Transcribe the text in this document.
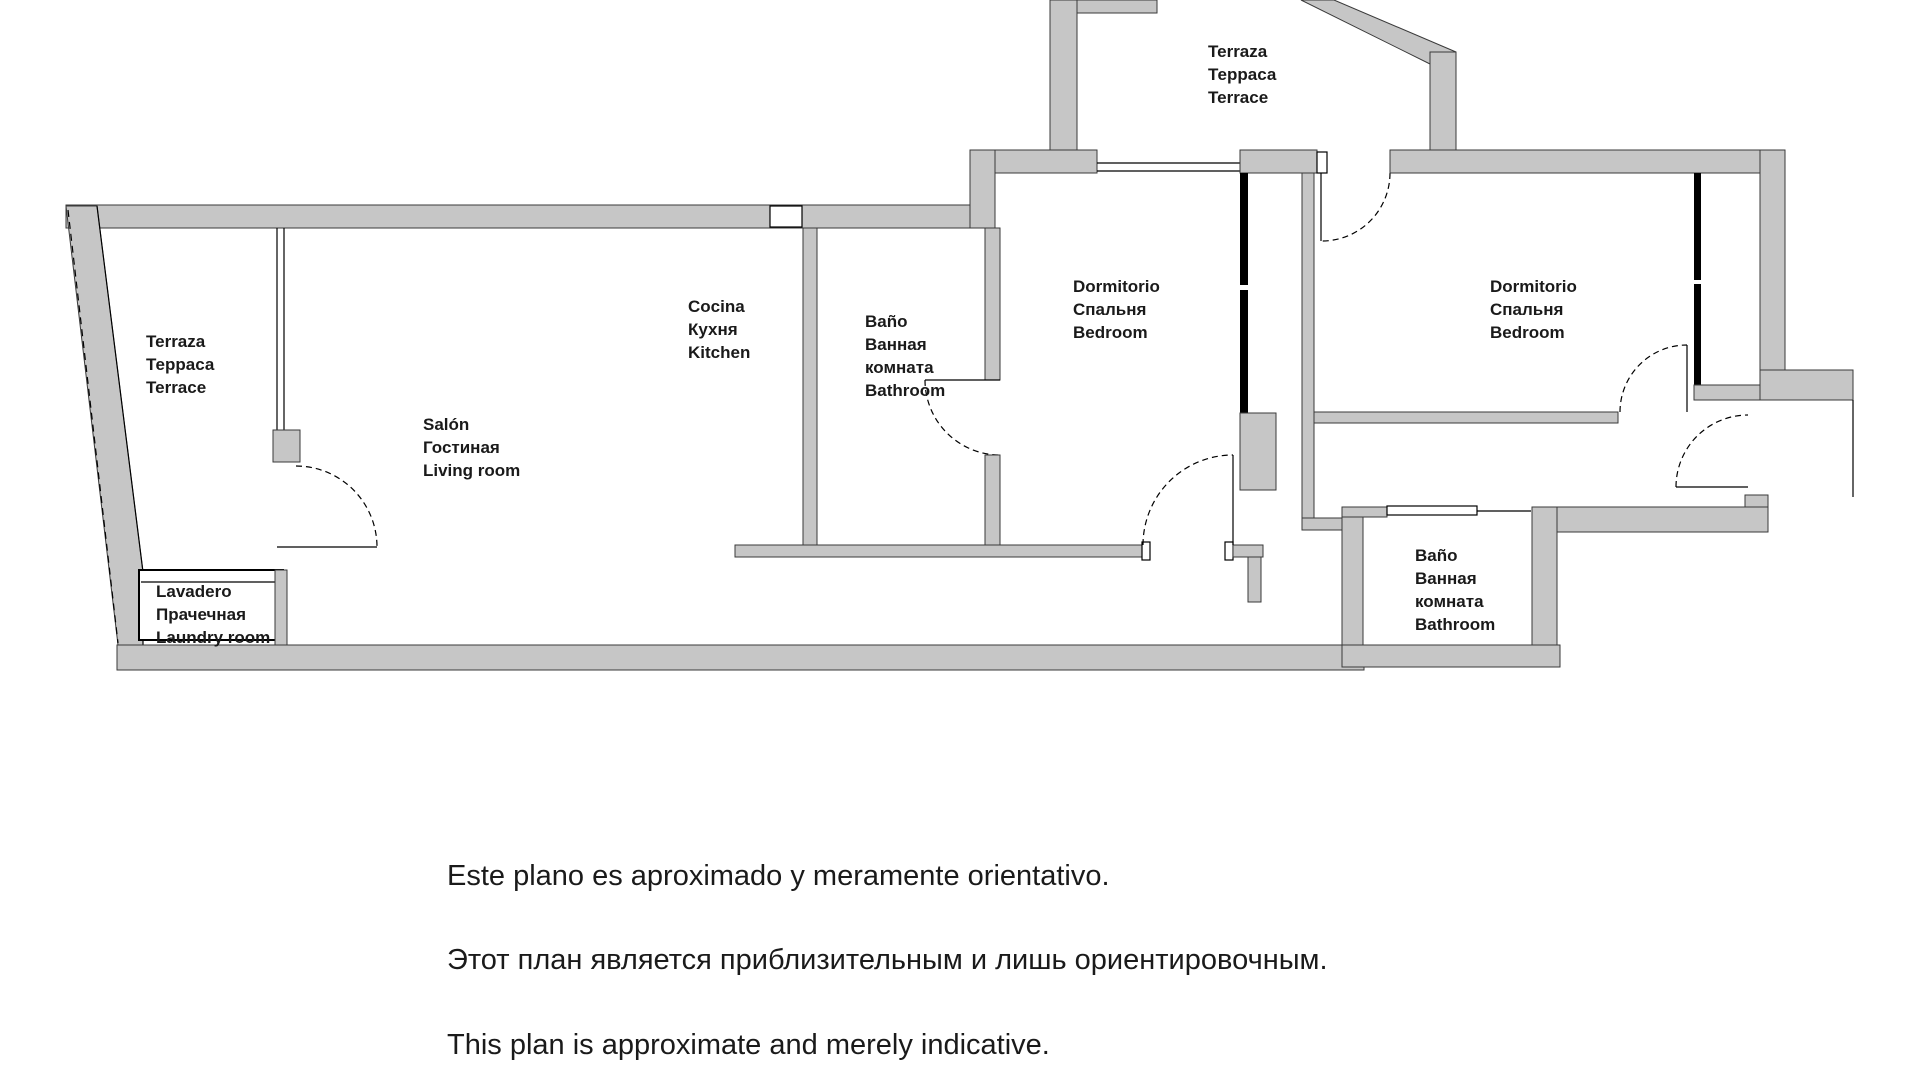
Terraza
Терраса
Terrace
Terraza
Терраса
Terrace
Cocina
Кухня
Kitchen
Salón
Гостиная
Living room
Baño
Ванная
комната
Bathroom
Dormitorio
Спальня
Bedroom
Dormitorio
Спальня
Bedroom
Lavadero
Прачечная
Laundry room
Baño
Ванная
комната
Bathroom
Este plano es aproximado y meramente orientativo.
Этот план является приблизительным и лишь ориентировочным.
This plan is approximate and merely indicative.
